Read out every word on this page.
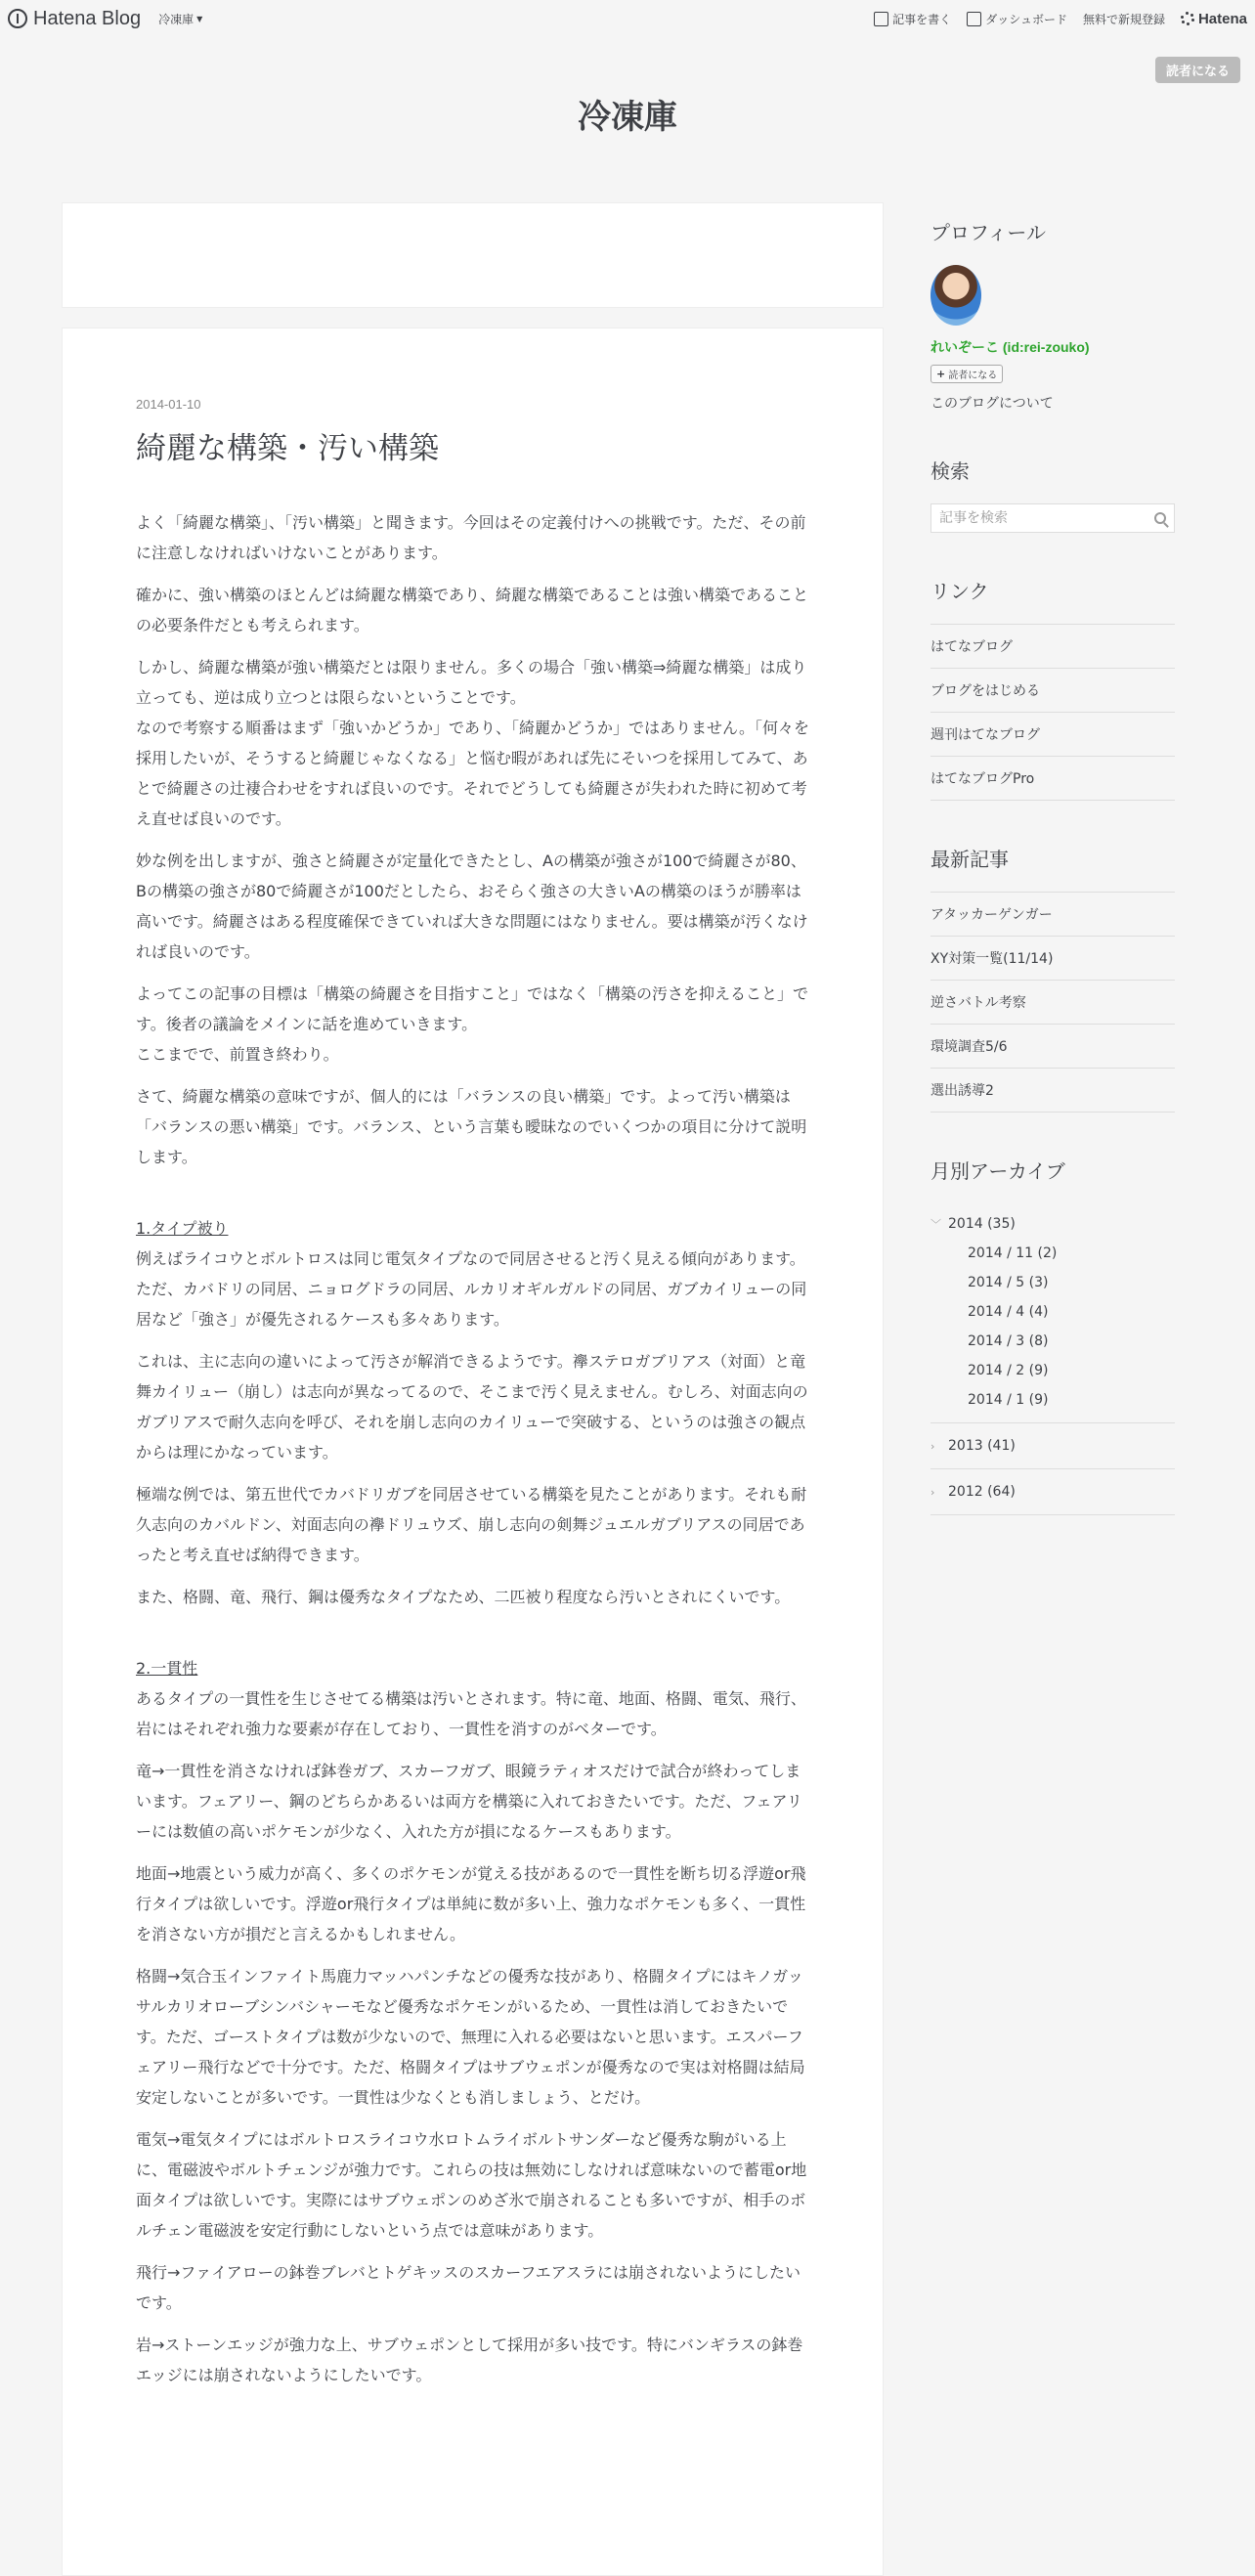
Hatena Blog 冷凍庫 ▼	記事を書く	ダッシュボード 無料で新規登録 Hatena
読者になる
冷凍庫
2014-01-10
綺麗な構築・汚い構築

よく「綺麗な構築」、「汚い構築」と聞きます。今回はその定義付けへの挑戦です。ただ、その前に注意しなければいけないことがあります。

確かに、強い構築のほとんどは綺麗な構築であり、綺麗な構築であることは強い構築であることの必要条件だとも考えられます。

しかし、綺麗な構築が強い構築だとは限りません。多くの場合「強い構築⇒綺麗な構築」は成り立っても、逆は成り立つとは限らないということです。
なので考察する順番はまず「強いかどうか」であり、「綺麗かどうか」ではありません。「何々を採用したいが、そうすると綺麗じゃなくなる」と悩む暇があれば先にそいつを採用してみて、あとで綺麗さの辻褄合わせをすれば良いのです。それでどうしても綺麗さが失われた時に初めて考え直せば良いのです。

妙な例を出しますが、強さと綺麗さが定量化できたとし、Aの構築が強さが100で綺麗さが80、Bの構築の強さが80で綺麗さが100だとしたら、おそらく強さの大きいAの構築のほうが勝率は高いです。綺麗さはある程度確保できていれば大きな問題にはなりません。要は構築が汚くなければ良いのです。

よってこの記事の目標は「構築の綺麗さを目指すこと」ではなく「構築の汚さを抑えること」です。後者の議論をメインに話を進めていきます。
ここまでで、前置き終わり。

さて、綺麗な構築の意味ですが、個人的には「バランスの良い構築」です。よって汚い構築は「バランスの悪い構築」です。バランス、という言葉も曖昧なのでいくつかの項目に分けて説明します。

1.タイプ被り

例えばライコウとボルトロスは同じ電気タイプなので同居させると汚く見える傾向があります。
ただ、カバドリの同居、ニョログドラの同居、ルカリオギルガルドの同居、ガブカイリューの同居など「強さ」が優先されるケースも多々あります。

これは、主に志向の違いによって汚さが解消できるようです。襷ステロガブリアス（対面）と竜舞カイリュー（崩し）は志向が異なってるので、そこまで汚く見えません。むしろ、対面志向のガブリアスで耐久志向を呼び、それを崩し志向のカイリューで突破する、というのは強さの観点からは理にかなっています。

極端な例では、第五世代でカバドリガブを同居させている構築を見たことがあります。それも耐久志向のカバルドン、対面志向の襷ドリュウズ、崩し志向の剣舞ジュエルガブリアスの同居であったと考え直せば納得できます。

また、格闘、竜、飛行、鋼は優秀なタイプなため、二匹被り程度なら汚いとされにくいです。

2.一貫性

あるタイプの一貫性を生じさせてる構築は汚いとされます。特に竜、地面、格闘、電気、飛行、岩にはそれぞれ強力な要素が存在しており、一貫性を消すのがベターです。

竜→一貫性を消さなければ鉢巻ガブ、スカーフガブ、眼鏡ラティオスだけで試合が終わってしまいます。フェアリー、鋼のどちらかあるいは両方を構築に入れておきたいです。ただ、フェアリーには数値の高いポケモンが少なく、入れた方が損になるケースもあります。

地面→地震という威力が高く、多くのポケモンが覚える技があるので一貫性を断ち切る浮遊or飛行タイプは欲しいです。浮遊or飛行タイプは単純に数が多い上、強力なポケモンも多く、一貫性を消さない方が損だと言えるかもしれません。

格闘→気合玉インファイト馬鹿力マッハパンチなどの優秀な技があり、格闘タイプにはキノガッサルカリオローブシンバシャーモなど優秀なポケモンがいるため、一貫性は消しておきたいです。ただ、ゴーストタイプは数が少ないので、無理に入れる必要はないと思います。エスパーフェアリー飛行などで十分です。ただ、格闘タイプはサブウェポンが優秀なので実は対格闘は結局安定しないことが多いです。一貫性は少なくとも消しましょう、とだけ。

電気→電気タイプにはボルトロスライコウ水ロトムライボルトサンダーなど優秀な駒がいる上に、電磁波やボルトチェンジが強力です。これらの技は無効にしなければ意味ないので蓄電or地面タイプは欲しいです。実際にはサブウェポンのめざ氷で崩されることも多いですが、相手のボルチェン電磁波を安定行動にしないという点では意味があります。

飛行→ファイアローの鉢巻ブレバとトゲキッスのスカーフエアスラには崩されないようにしたいです。

岩→ストーンエッジが強力な上、サブウェポンとして採用が多い技です。特にバンギラスの鉢巻エッジには崩されないようにしたいです。

プロフィール
れいぞーこ (id:rei-zouko)
+ 読者になる
このブログについて
検索
記事を検索
リンク
はてなブログ
ブログをはじめる
週刊はてなブログ
はてなブログPro
最新記事
アタッカーゲンガー
XY対策一覧(11/14)
逆さバトル考察
環境調査5/6
選出誘導2
月別アーカイブ
﹀ 2014 (35)
2014 / 11 (2)
2014 / 5 (3)
2014 / 4 (4)
2014 / 3 (8)
2014 / 2 (9)
2014 / 1 (9)
› 2013 (41)
› 2012 (64)
